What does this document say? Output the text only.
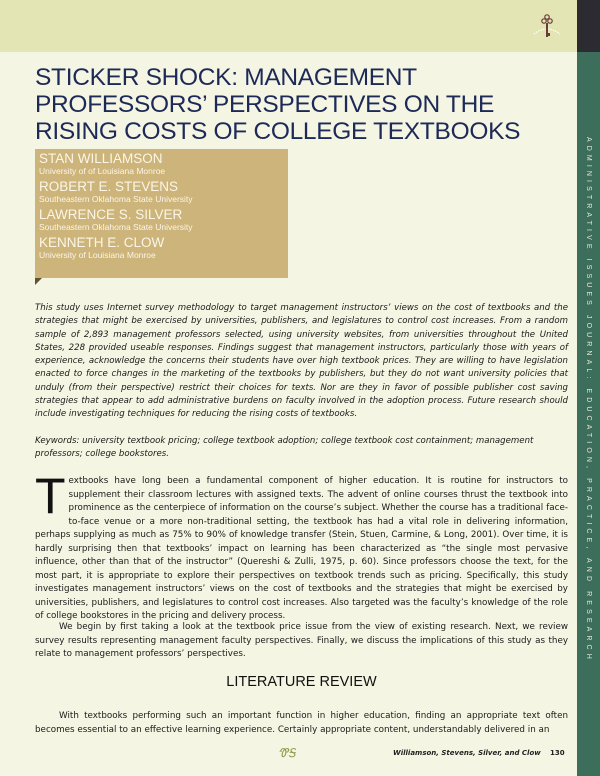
ADMINISTRATIVE ISSUES JOURNAL: EDUCATION, PRACTICE, AND RESEARCH
STICKER SHOCK: MANAGEMENT PROFESSORS’ PERSPECTIVES ON THE RISING COSTS OF COLLEGE TEXTBOOKS
STAN WILLIAMSON
University of of Louisiana Monroe
ROBERT E. STEVENS
Southeastern Oklahoma State University
LAWRENCE S. SILVER
Southeastern Oklahoma State University
KENNETH E. CLOW
University of Louisiana Monroe

This study uses Internet survey methodology to target management instructors’ views on the cost of textbooks and the strategies that might be exercised by universities, publishers, and legislatures to control cost increases. From a random sample of 2,893 management professors selected, using university websites, from universities throughout the United States, 228 provided useable responses. Findings suggest that management instructors, particularly those with years of experience, acknowledge the concerns their students have over high textbook prices. They are willing to have legislation enacted to force changes in the marketing of the textbooks by publishers, but they do not want university policies that unduly (from their perspective) restrict their choices for texts. Nor are they in favor of possible publisher cost saving strategies that appear to add administrative burdens on faculty involved in the adoption process. Future research should include investigating techniques for reducing the rising costs of textbooks.

Keywords: university textbook pricing; college textbook adoption; college textbook cost containment; management professors; college bookstores.

Textbooks have long been a fundamental component of higher education. It is routine for instructors to supplement their classroom lectures with assigned texts. The advent of online courses thrust the textbook into prominence as the centerpiece of information on the course’s subject. Whether the course has a traditional face-to-face venue or a more non-traditional setting, the textbook has had a vital role in delivering information, perhaps supplying as much as 75% to 90% of knowledge transfer (Stein, Stuen, Carmine, & Long, 2001). Over time, it is hardly surprising then that textbooks’ impact on learning has been characterized as “the single most pervasive influence, other than that of the instructor” (Quereshi & Zulli, 1975, p. 60). Since professors choose the text, for the most part, it is appropriate to explore their perspectives on textbook trends such as pricing. Specifically, this study investigates management instructors’ views on the cost of textbooks and the strategies that might be exercised by universities, publishers, and legislatures to control cost increases. Also targeted was the faculty’s knowledge of the role of college bookstores in the pricing and delivery process.

We begin by first taking a look at the textbook price issue from the view of existing research. Next, we review survey results representing management faculty perspectives. Finally, we discuss the implications of this study as they relate to management professors’ perspectives.

LITERATURE REVIEW

With textbooks performing such an important function in higher education, finding an appropriate text often becomes essential to an effective learning experience. Certainly appropriate content, understandably delivered in an

ᏡᎦ	Williamson, Stevens, Silver, and Clow 130
